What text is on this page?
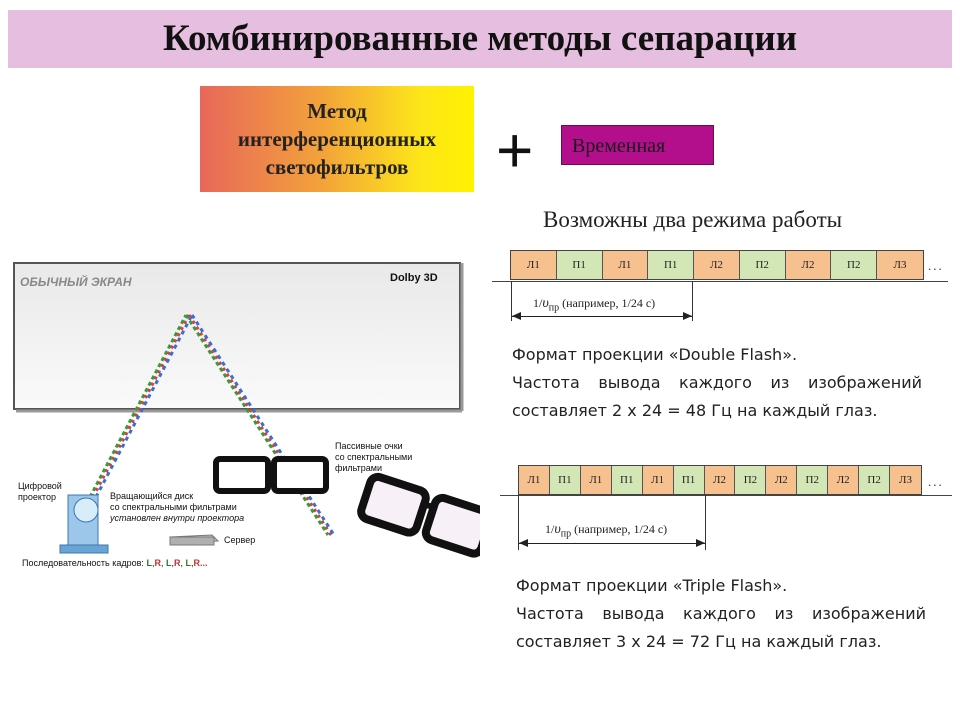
Комбинированные методы сепарации
Метод
интерференционных
светофильтров	+	Временная
Возможны два режима работы
Л1	П1	Л1	П1	Л2	П2	Л2	П2	Л3	...
$1/\upsilon_{пр}$ (например, 1/24 с)

Формат проекции «Double Flash».

Частота вывода каждого из изображений составляет 2 х 24 = 48 Гц на каждый глаз.

Л1	П1	Л1	П1	Л1	П1	Л2	П2	Л2	П2	Л2	П2	Л3	...
$1/\upsilon_{пр}$ (например, 1/24 с)

Формат проекции «Triple Flash».

Частота вывода каждого из изображений составляет 3 х 24 = 72 Гц на каждый глаз.

ОБЫЧНЫЙ ЭКРАН	Dolby 3D
Цифровой
проектор	Вращающийся диск
со спектральными фильтрами
установлен внутри проектора
Сервер
Пассивные очки
со спектральными
фильтрами
Последовательность кадров: L,R, L,R, L,R...
